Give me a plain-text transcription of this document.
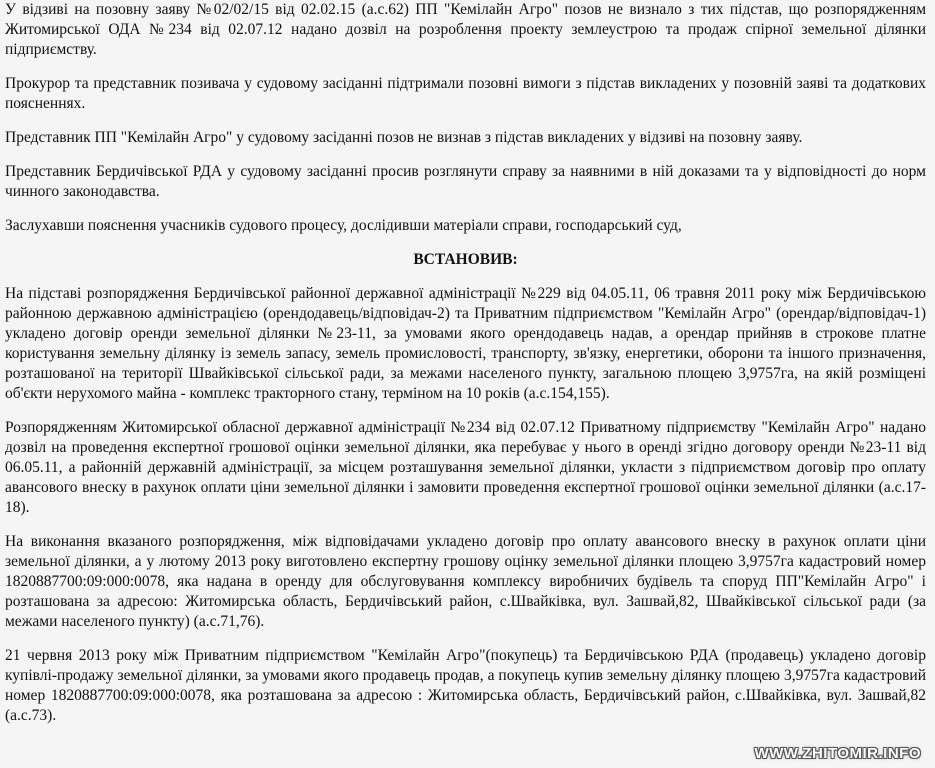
У відзиві на позовну заяву №02/02/15 від 02.02.15 (а.с.62) ПП "Кемілайн Агро" позов не визнало з тих підстав, що розпорядженням Житомирської ОДА №234 від 02.07.12 надано дозвіл на розроблення проекту землеустрою та продаж спірної земельної ділянки підприємству.

Прокурор та представник позивача у судовому засіданні підтримали позовні вимоги з підстав викладених у позовній заяві та додаткових поясненнях.

Представник ПП "Кемілайн Агро" у судовому засіданні позов не визнав з підстав викладених у відзиві на позовну заяву.

Представник Бердичівської РДА у судовому засіданні просив розглянути справу за наявними в ній доказами та у відповідності до норм чинного законодавства.

Заслухавши пояснення учасників судового процесу, дослідивши матеріали справи, господарський суд,

ВСТАНОВИВ:

На підставі розпорядження Бердичівської районної державної адміністрації №229 від 04.05.11, 06 травня 2011 року між Бердичівською районною державною адміністрацією (орендодавець/відповідач-2) та Приватним підприємством "Кемілайн Агро" (орендар/відповідач-1) укладено договір оренди земельної ділянки №23-11, за умовами якого орендодавець надав, а орендар прийняв в строкове платне користування земельну ділянку із земель запасу, земель промисловості, транспорту, зв'язку, енергетики, оборони та іншого призначення, розташованої на території Швайківської сільської ради, за межами населеного пункту, загальною площею 3,9757га, на якій розміщені об'єкти нерухомого майна - комплекс тракторного стану, терміном на 10 років (а.с.154,155).

Розпорядженням Житомирської обласної державної адміністрації №234 від 02.07.12 Приватному підприємству "Кемілайн Агро" надано дозвіл на проведення експертної грошової оцінки земельної ділянки, яка перебуває у нього в оренді згідно договору оренди №23-11 від 06.05.11, а районній державній адміністрації, за місцем розташування земельної ділянки, укласти з підприємством договір про оплату авансового внеску в рахунок оплати ціни земельної ділянки і замовити проведення експертної грошової оцінки земельної ділянки (а.с.17-18).

На виконання вказаного розпорядження, між відповідачами укладено договір про оплату авансового внеску в рахунок оплати ціни земельної ділянки, а у лютому 2013 року виготовлено експертну грошову оцінку земельної ділянки площею 3,9757га кадастровий номер 1820887700:09:000:0078, яка надана в оренду для обслуговування комплексу виробничих будівель та споруд ПП"Кемілайн Агро" і розташована за адресою: Житомирська область, Бердичівський район, с.Швайківка, вул. Зашвай,82, Швайківської сільської ради (за межами населеного пункту) (а.с.71,76).

21 червня 2013 року між Приватним підприємством "Кемілайн Агро"(покупець) та Бердичівською РДА (продавець) укладено договір купівлі-продажу земельної ділянки, за умовами якого продавець продав, а покупець купив земельну ділянку площею 3,9757га кадастровий номер 1820887700:09:000:0078, яка розташована за адресою : Житомирська область, Бердичівський район, с.Швайківка, вул. Зашвай,82 (а.с.73).

WWW.ZHITOMIR.INFO
